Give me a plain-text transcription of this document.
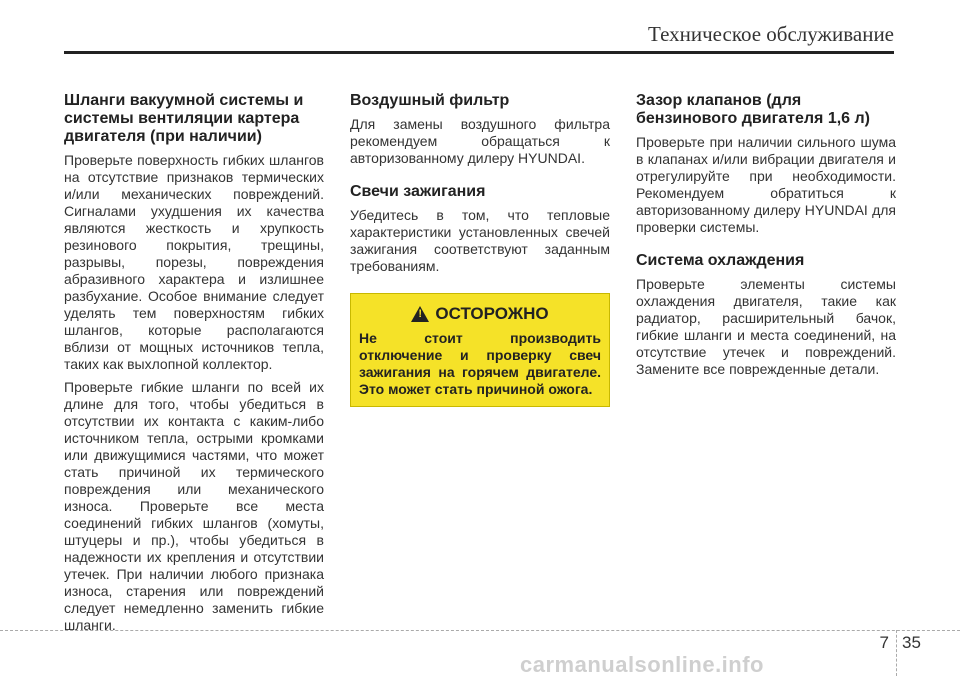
Техническое обслуживание
Шланги вакуумной системы и системы вентиляции картера двигателя (при наличии)

Проверьте поверхность гибких шлангов на отсутствие признаков термических и/или механических повреждений. Сигналами ухудшения их качества являются жесткость и хрупкость резинового покрытия, трещины, разрывы, порезы, повреждения абразивного характера и излишнее разбухание. Особое внимание следует уделять тем поверхностям гибких шлангов, которые располагаются вблизи от мощных источников тепла, таких как выхлопной коллектор.

Проверьте гибкие шланги по всей их длине для того, чтобы убедиться в отсутствии их контакта с каким-либо источником тепла, острыми кромками или движущимися частями, что может стать причиной их термического повреждения или механического износа. Проверьте все места соединений гибких шлангов (хомуты, штуцеры и пр.), чтобы убедиться в надежности их крепления и отсутствии утечек. При наличии любого признака износа, старения или повреждений следует немедленно заменить гибкие шланги.

Воздушный фильтр

Для замены воздушного фильтра рекомендуем обращаться к авторизованному дилеру HYUNDAI.

Свечи зажигания

Убедитесь в том, что тепловые характеристики установленных свечей зажигания соответствуют заданным требованиям.

! ОСТОРОЖНО
Не стоит производить отключение и проверку свеч зажигания на горячем двигателе. Это может стать причиной ожога.
Зазор клапанов (для бензинового двигателя 1,6 л)

Проверьте при наличии сильного шума в клапанах и/или вибрации двигателя и отрегулируйте при необходимости. Рекомендуем обратиться к авторизованному дилеру HYUNDAI для проверки системы.

Система охлаждения

Проверьте элементы системы охлаждения двигателя, такие как радиатор, расширительный бачок, гибкие шланги и места соединений, на отсутствие утечек и повреждений. Замените все поврежденные детали.

7 35
carmanualsonline.info
